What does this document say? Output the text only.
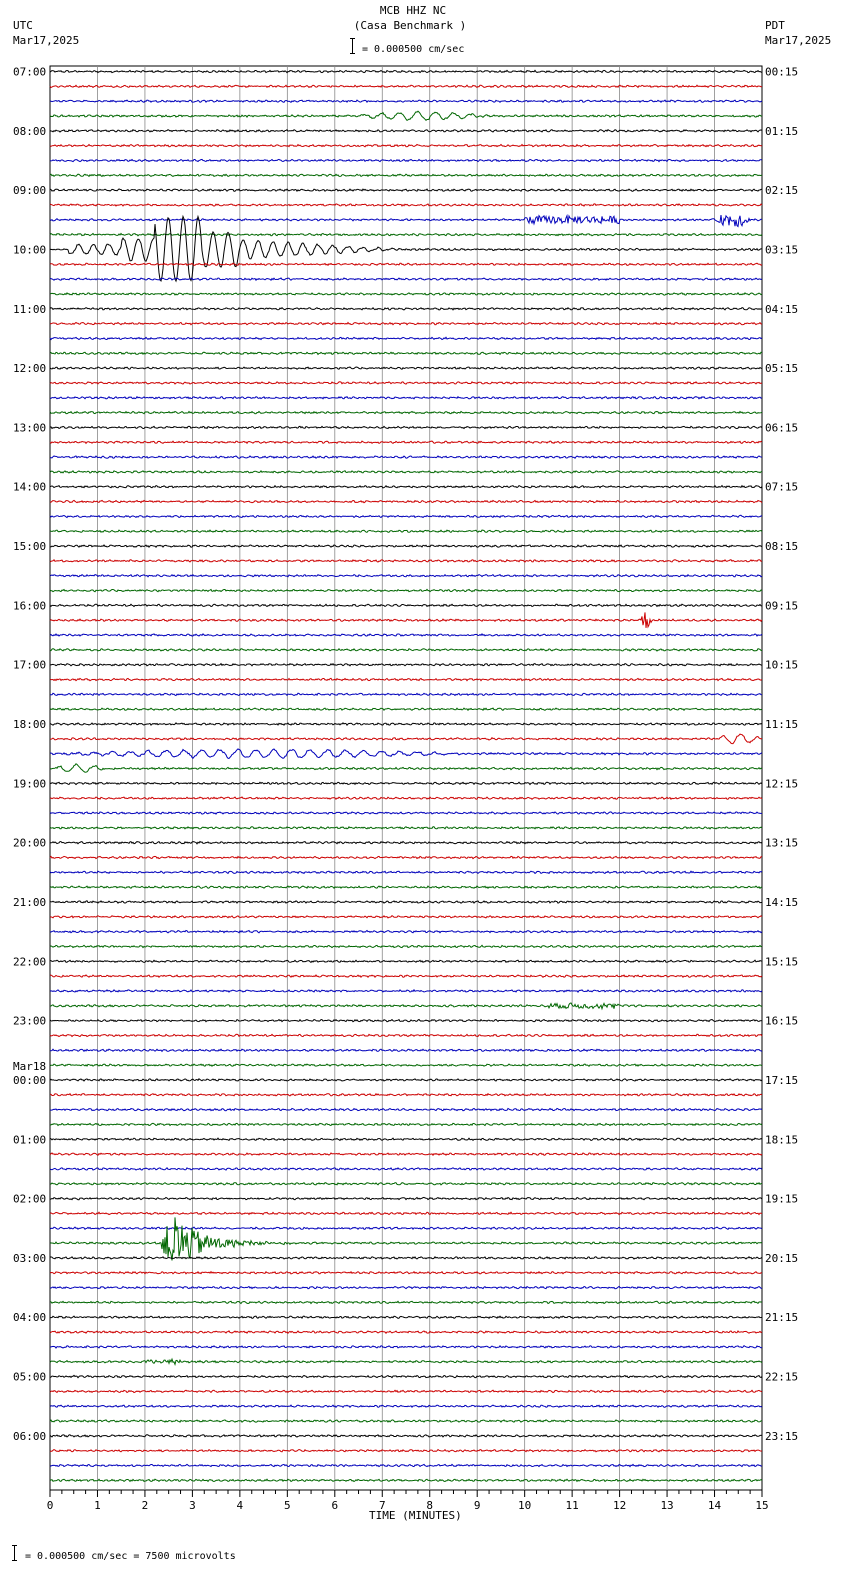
MCB HHZ NC
(Casa Benchmark )
= 0.000500 cm/sec
UTC
Mar17,2025
PDT
Mar17,2025
0	1	2	3	4	5	6	7	8	9	10	11	12	13	14	15
07:00
08:00
09:00
10:00
11:00
12:00
13:00
14:00
15:00
16:00
17:00
18:00
19:00
20:00
21:00
22:00
23:00
00:00
01:00
02:00
03:00
04:00
05:00
06:00
00:15
01:15
02:15
03:15
04:15
05:15
06:15
07:15
08:15
09:15
10:15
11:15
12:15
13:15
14:15
15:15
16:15
17:15
18:15
19:15
20:15
21:15
22:15
23:15
Mar18
TIME (MINUTES)
= 0.000500 cm/sec = 7500 microvolts
